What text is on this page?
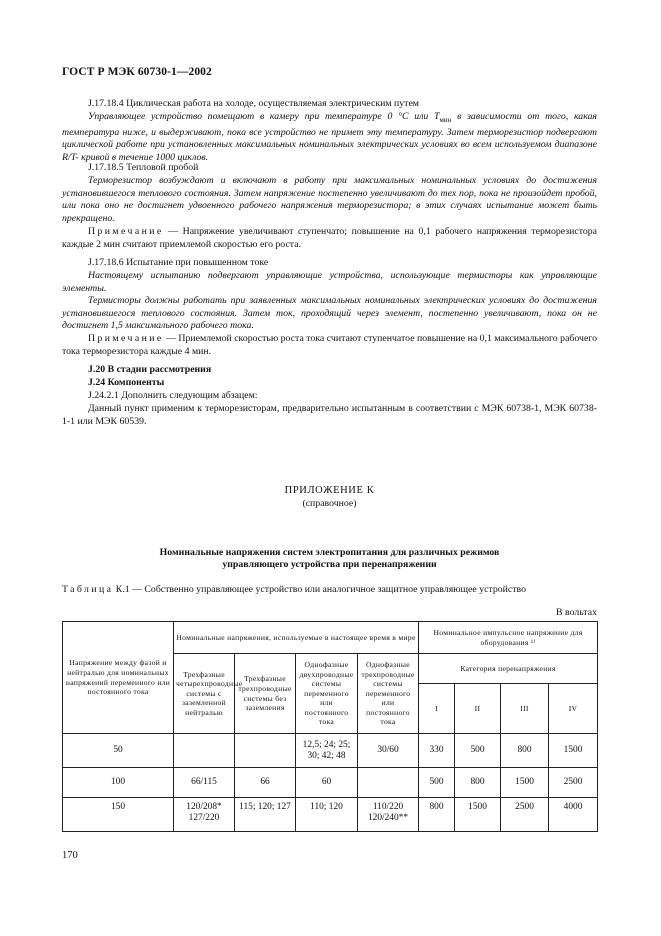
ГОСТ Р МЭК 60730-1—2002

J.17.18.4 Циклическая работа на холоде, осуществляемая электрическим путем

Управляющее устройство помещают в камеру при температуре 0 °С или $T_{мин}$ в зависимости от того, какая температура ниже, и выдерживают, пока все устройство не примет эту температуру. Затем терморезистор подвергают циклической работе при установленных максимальных номинальных электрических условиях во всем используемом диапазоне R/T- кривой в течение 1000 циклов.

J.17.18.5 Тепловой пробой

Терморезистор возбуждают и включают в работу при максимальных номинальных условиях до достижения установившегося теплового состояния. Затем напряжение постепенно увеличивают до тех пор, пока не произойдет пробой, или пока оно не достигнет удвоенного рабочего напряжения терморезистора; в этих случаях испытание может быть прекращено.

Примечание — Напряжение увеличивают ступенчато; повышение на 0,1 рабочего напряжения терморезистора каждые 2 мин считают приемлемой скоростью его роста.

J.17.18.6 Испытание при повышенном токе

Настоящему испытанию подвергают управляющие устройства, использующие термисторы как управляющие элементы.

Термисторы должны работать при заявленных максимальных номинальных электрических условиях до достижения установившегося теплового состояния. Затем ток, проходящий через элемент, постепенно увеличивают, пока он не достигнет 1,5 максимального рабочего тока.

Примечание — Приемлемой скоростью роста тока считают ступенчатое повышение на 0,1 максимального рабочего тока терморезистора каждые 4 мин.

J.20 В стадии рассмотрения

J.24 Компоненты

J.24.2.1 Дополнить следующим абзацем:

Данный пункт применим к терморезисторам, предварительно испытанным в соответствии с МЭК 60738-1, МЭК 60738-1-1 или МЭК 60539.

ПРИЛОЖЕНИЕ К

(справочное)

Номинальные напряжения систем электропитания для различных режимов

управляющего устройства при перенапряжении

Таблица К.1 — Собственно управляющее устройство или аналогичное защитное управляющее устройство

В вольтах

Напряжение между фазой и нейтралью для номинальных напряжений переменного или постоянного тока	Номинальные напряжения, используемые в настоящее время в мире				Номинальное импульсное напряжение для оборудования ¹⁾			
	Трехфазные четырехпроводные системы с заземленной нейтралью	Трехфазные трехпроводные системы без заземления	Однофазные двухпроводные системы переменного или постоянного тока	Однофазные трехпроводные системы переменного или постоянного тока	Категория перенапряжения			
					I	II	III	IV
50			12,5; 24; 25; 30; 42; 48	30/60	330	500	800	1500
100	66/115	66	60		500	800	1500	2500
150	120/208* 127/220	115; 120; 127	110; 120	110/220 120/240**	800	1500	2500	4000
170
